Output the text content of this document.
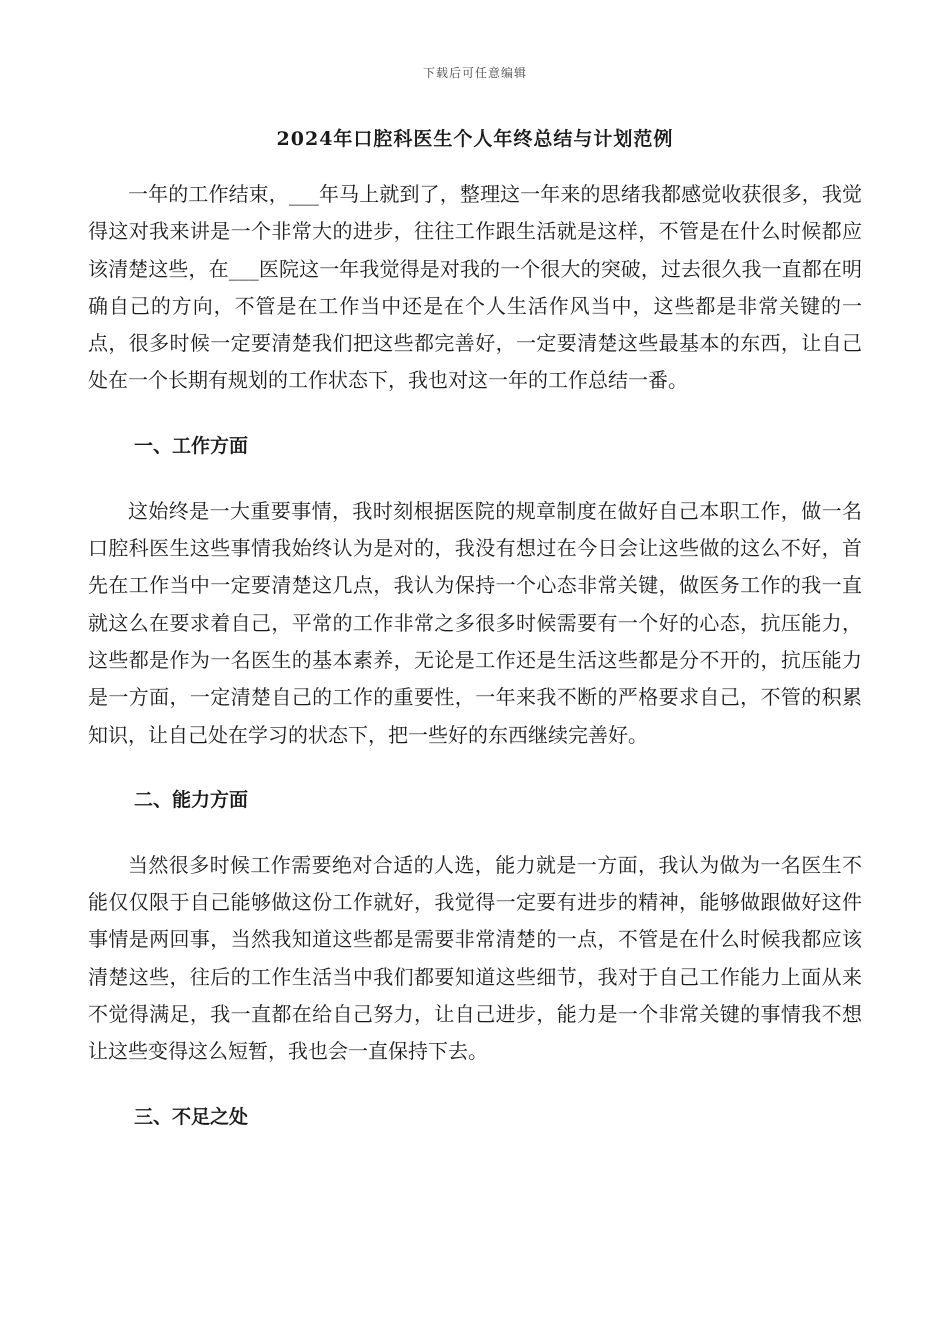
下载后可任意编辑
2024年口腔科医生个人年终总结与计划范例

一年的工作结束，___年马上就到了，整理这一年来的思绪我都感觉收获很多，我觉得这对我来讲是一个非常大的进步，往往工作跟生活就是这样，不管是在什么时候都应该清楚这些，在___医院这一年我觉得是对我的一个很大的突破，过去很久我一直都在明确自己的方向，不管是在工作当中还是在个人生活作风当中，这些都是非常关键的一点，很多时候一定要清楚我们把这些都完善好，一定要清楚这些最基本的东西，让自己处在一个长期有规划的工作状态下，我也对这一年的工作总结一番。

一、工作方面

这始终是一大重要事情，我时刻根据医院的规章制度在做好自己本职工作，做一名口腔科医生这些事情我始终认为是对的，我没有想过在今日会让这些做的这么不好，首先在工作当中一定要清楚这几点，我认为保持一个心态非常关键，做医务工作的我一直就这么在要求着自己，平常的工作非常之多很多时候需要有一个好的心态，抗压能力，这些都是作为一名医生的基本素养，无论是工作还是生活这些都是分不开的，抗压能力是一方面，一定清楚自己的工作的重要性，一年来我不断的严格要求自己，不管的积累知识，让自己处在学习的状态下，把一些好的东西继续完善好。

二、能力方面

当然很多时候工作需要绝对合适的人选，能力就是一方面，我认为做为一名医生不能仅仅限于自己能够做这份工作就好，我觉得一定要有进步的精神，能够做跟做好这件事情是两回事，当然我知道这些都是需要非常清楚的一点，不管是在什么时候我都应该清楚这些，往后的工作生活当中我们都要知道这些细节，我对于自己工作能力上面从来不觉得满足，我一直都在给自己努力，让自己进步，能力是一个非常关键的事情我不想让这些变得这么短暂，我也会一直保持下去。

三、不足之处
